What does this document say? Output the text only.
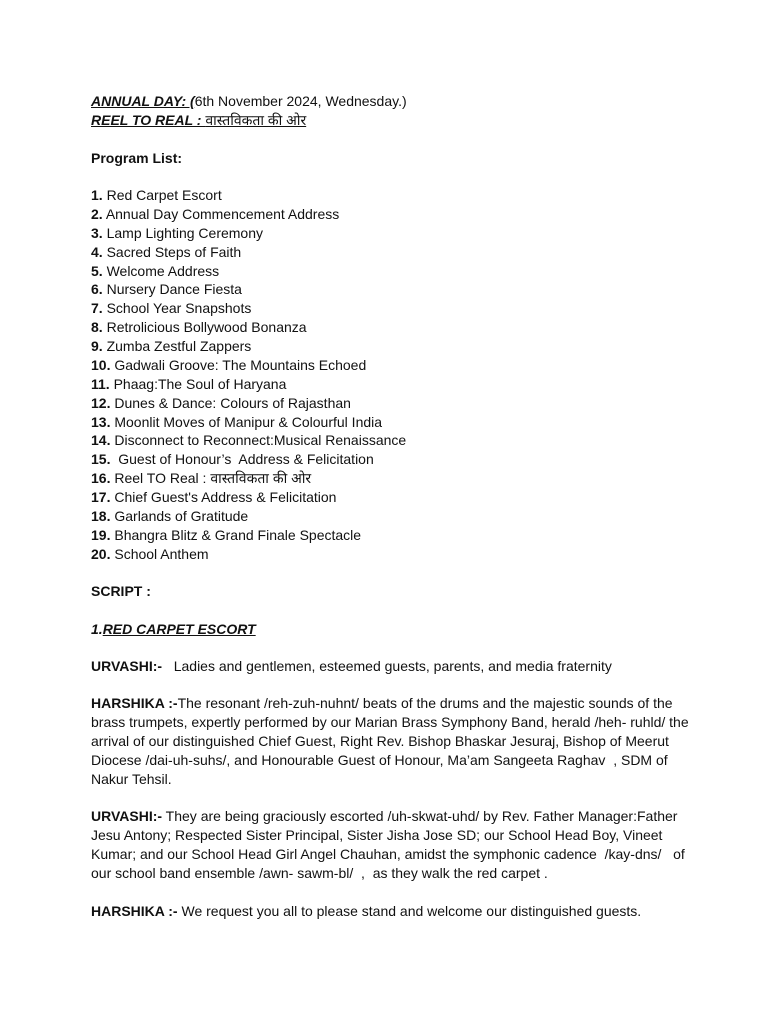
ANNUAL DAY: (6th November 2024, Wednesday.)
REEL TO REAL : वास्तविकता की ओर
Program List:
1. Red Carpet Escort
2. Annual Day Commencement Address
3. Lamp Lighting Ceremony
4. Sacred Steps of Faith
5. Welcome Address
6. Nursery Dance Fiesta
7. School Year Snapshots
8. Retrolicious Bollywood Bonanza
9. Zumba Zestful Zappers
10. Gadwali Groove: The Mountains Echoed
11. Phaag:The Soul of Haryana
12. Dunes & Dance: Colours of Rajasthan
13. Moonlit Moves of Manipur & Colourful India
14. Disconnect to Reconnect:Musical Renaissance
15.  Guest of Honour’s  Address & Felicitation
16. Reel TO Real : वास्तविकता की ओर
17. Chief Guest's Address & Felicitation
18. Garlands of Gratitude
19. Bhangra Blitz & Grand Finale Spectacle
20. School Anthem
SCRIPT :
1.RED CARPET ESCORT
URVASHI:-   Ladies and gentlemen, esteemed guests, parents, and media fraternity
HARSHIKA :-The resonant /reh-zuh-nuhnt/ beats of the drums and the majestic sounds of the brass trumpets, expertly performed by our Marian Brass Symphony Band, herald /heh- ruhld/ the arrival of our distinguished Chief Guest, Right Rev. Bishop Bhaskar Jesuraj, Bishop of Meerut Diocese /dai-uh-suhs/, and Honourable Guest of Honour, Ma’am Sangeeta Raghav  , SDM of Nakur Tehsil.
URVASHI:- They are being graciously escorted /uh-skwat-uhd/ by Rev. Father Manager:Father Jesu Antony; Respected Sister Principal, Sister Jisha Jose SD; our School Head Boy, Vineet Kumar; and our School Head Girl Angel Chauhan, amidst the symphonic cadence  /kay-dns/   of our school band ensemble /awn- sawm-bl/  ,  as they walk the red carpet .
HARSHIKA :- We request you all to please stand and welcome our distinguished guests.
